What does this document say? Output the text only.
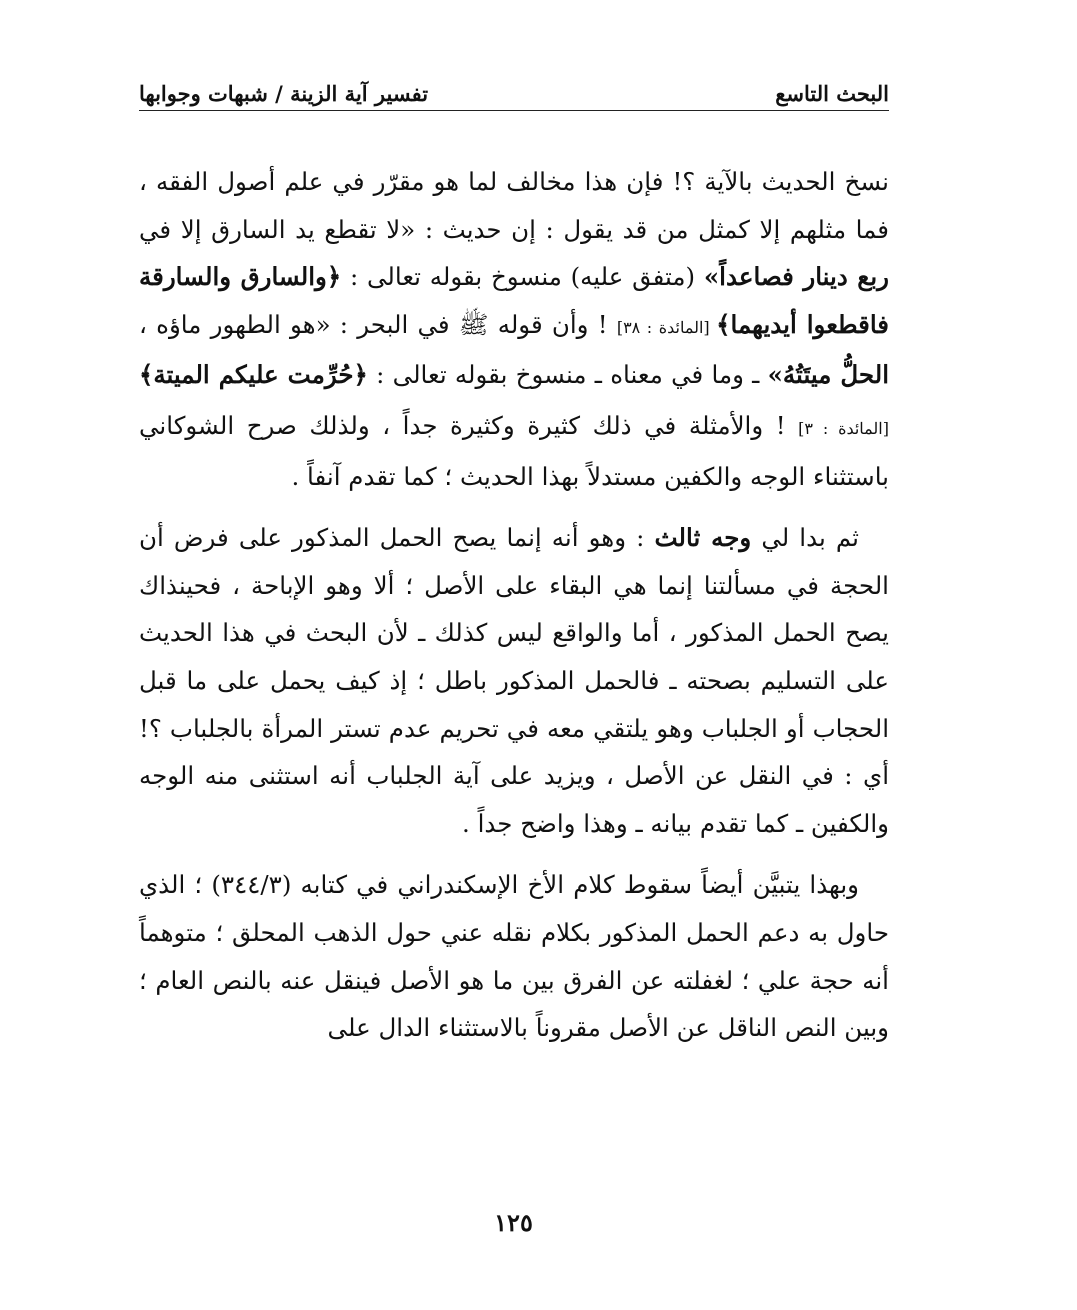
البحث التاسع
تفسير آية الزينة / شبهات وجوابها

نسخ الحديث بالآية ؟! فإن هذا مخالف لما هو مقرّر في علم أصول الفقه ، فما مثلهم إلا كمثل من قد يقول : إن حديث : «لا تقطع يد السارق إلا في ربع دينار فصاعداً» (متفق عليه) منسوخ بقوله تعالى : ﴿والسارق والسارقة فاقطعوا أيديهما﴾ [المائدة : ٣٨] ! وأن قوله ﷺ في البحر : «هو الطهور ماؤه ، الحلُّ ميتَتُهُ» ـ وما في معناه ـ منسوخ بقوله تعالى : ﴿حُرِّمت عليكم الميتة﴾ [المائدة : ٣] ! والأمثلة في ذلك كثيرة وكثيرة جداً ، ولذلك صرح الشوكاني باستثناء الوجه والكفين مستدلاً بهذا الحديث ؛ كما تقدم آنفاً .

ثم بدا لي وجه ثالث : وهو أنه إنما يصح الحمل المذكور على فرض أن الحجة في مسألتنا إنما هي البقاء على الأصل ؛ ألا وهو الإباحة ، فحينذاك يصح الحمل المذكور ، أما والواقع ليس كذلك ـ لأن البحث في هذا الحديث على التسليم بصحته ـ فالحمل المذكور باطل ؛ إذ كيف يحمل على ما قبل الحجاب أو الجلباب وهو يلتقي معه في تحريم عدم تستر المرأة بالجلباب ؟! أي : في النقل عن الأصل ، ويزيد على آية الجلباب أنه استثنى منه الوجه والكفين ـ كما تقدم بيانه ـ وهذا واضح جداً .

وبهذا يتبيَّن أيضاً سقوط كلام الأخ الإسكندراني في كتابه (٣٤٤/٣) ؛ الذي حاول به دعم الحمل المذكور بكلام نقله عني حول الذهب المحلق ؛ متوهماً أنه حجة علي ؛ لغفلته عن الفرق بين ما هو الأصل فينقل عنه بالنص العام ؛ وبين النص الناقل عن الأصل مقروناً بالاستثناء الدال على

١٢٥
